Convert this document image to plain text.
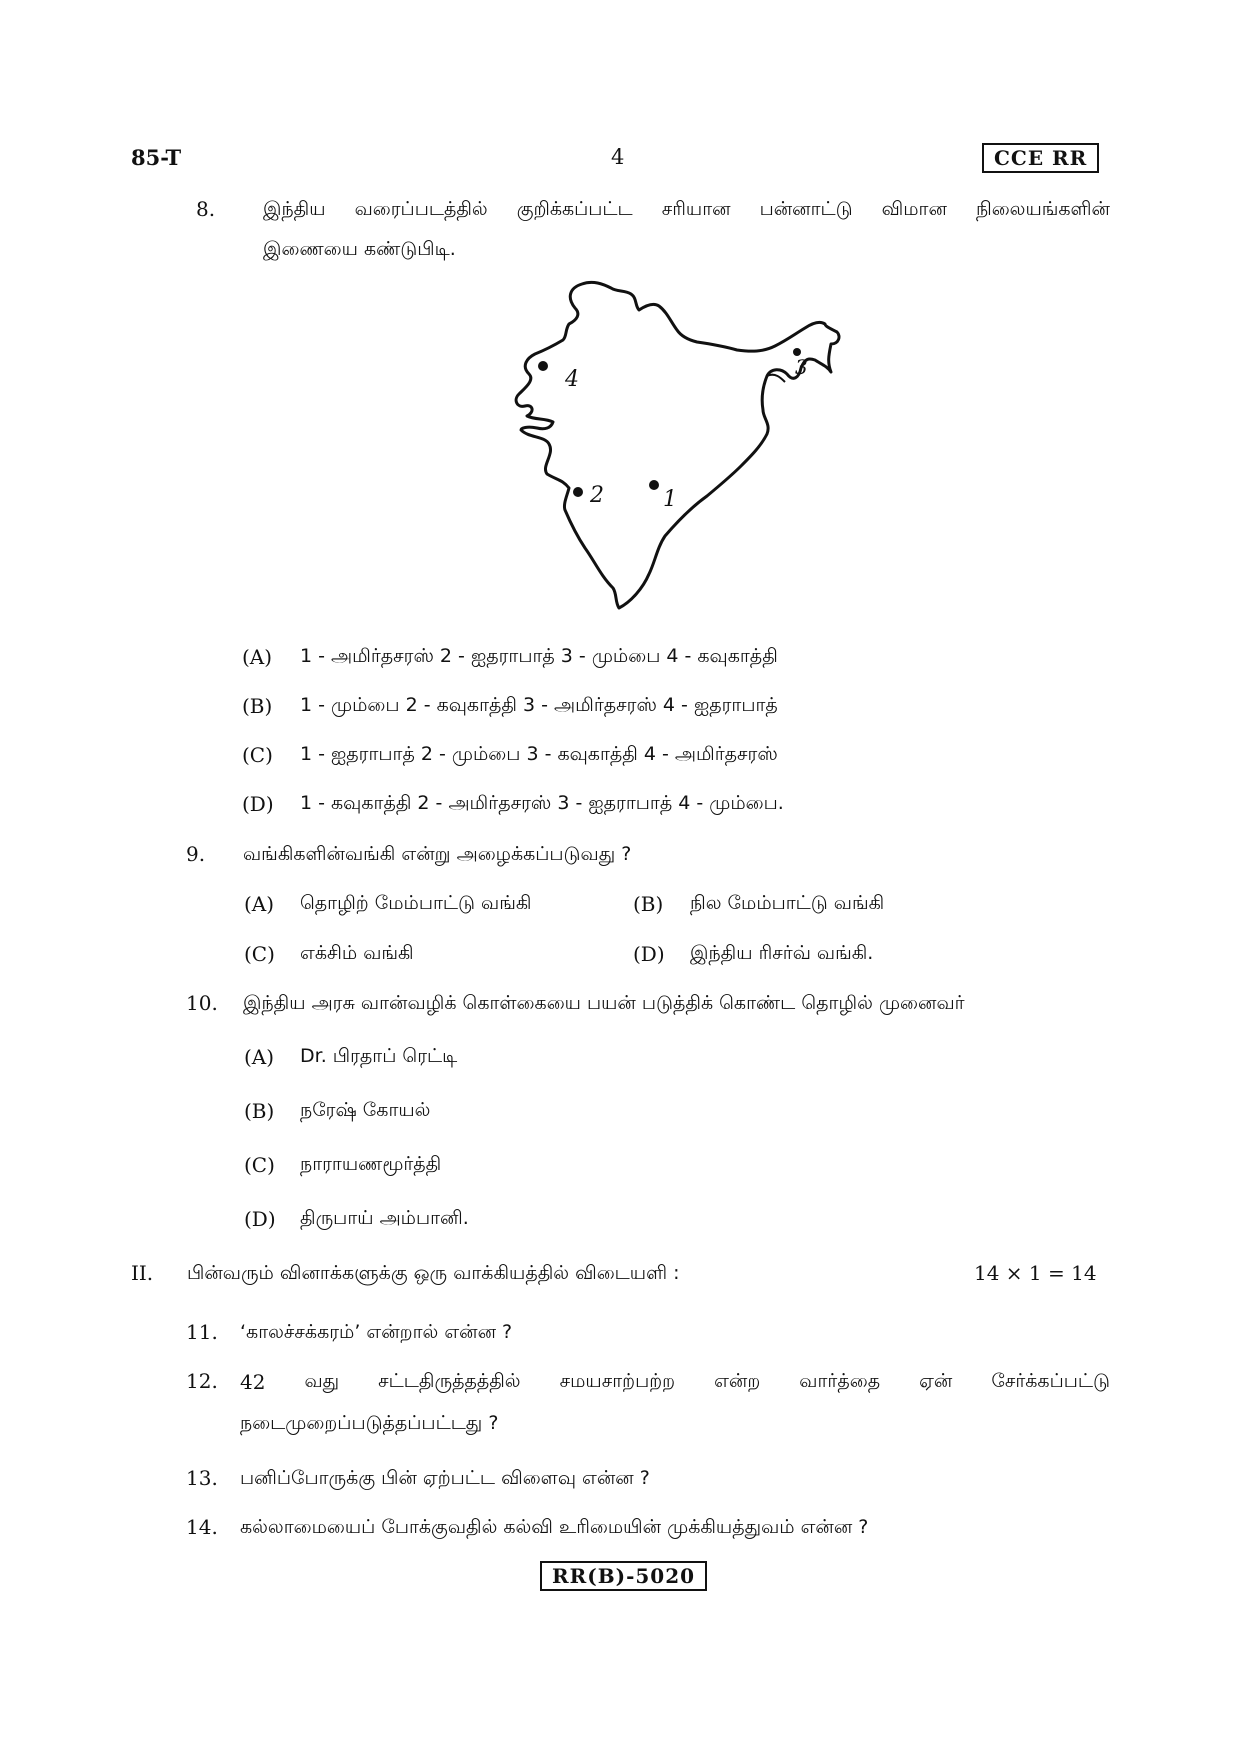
85-T	4	CCE RR
8.	இந்திய வரைப்படத்தில் குறிக்கப்பட்ட சரியான பன்னாட்டு விமான நிலையங்களின்
இணையை கண்டுபிடி.
4
2	1
3
(A) 1 - அமிர்தசரஸ் 2 - ஐதராபாத் 3 - மும்பை 4 - கவுகாத்தி
(B) 1 - மும்பை 2 - கவுகாத்தி 3 - அமிர்தசரஸ் 4 - ஐதராபாத்
(C) 1 - ஐதராபாத் 2 - மும்பை 3 - கவுகாத்தி 4 - அமிர்தசரஸ்
(D) 1 - கவுகாத்தி 2 - அமிர்தசரஸ் 3 - ஐதராபாத் 4 - மும்பை.
9. வங்கிகளின்வங்கி என்று அழைக்கப்படுவது ?
(A) தொழிற் மேம்பாட்டு வங்கி	(B) நில மேம்பாட்டு வங்கி
(C) எக்சிம் வங்கி	(D) இந்திய ரிசர்வ் வங்கி.
10. இந்திய அரசு வான்வழிக் கொள்கையை பயன் படுத்திக் கொண்ட தொழில் முனைவர்
(A) Dr. பிரதாப் ரெட்டி
(B) நரேஷ் கோயல்
(C) நாராயணமூர்த்தி
(D) திருபாய் அம்பானி.
II. பின்வரும் வினாக்களுக்கு ஒரு வாக்கியத்தில் விடையளி :	14 × 1 = 14
11. ‘காலச்சக்கரம்’ என்றால் என்ன ?
12. 42 வது சட்டதிருத்தத்தில் சமயசாற்பற்ற என்ற வார்த்தை ஏன் சேர்க்கப்பட்டு
நடைமுறைப்படுத்தப்பட்டது ?
13. பனிப்போருக்கு பின் ஏற்பட்ட விளைவு என்ன ?
14. கல்லாமையைப் போக்குவதில் கல்வி உரிமையின் முக்கியத்துவம் என்ன ?
RR(B)-5020
